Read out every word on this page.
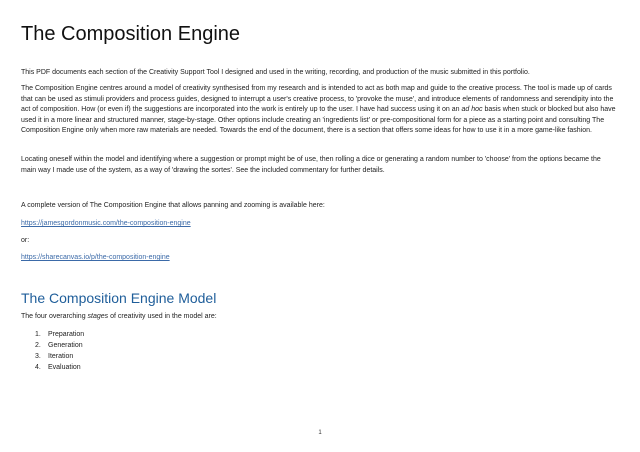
The Composition Engine

This PDF documents each section of the Creativity Support Tool I designed and used in the writing, recording, and production of the music submitted in this portfolio.

The Composition Engine centres around a model of creativity synthesised from my research and is intended to act as both map and guide to the creative process. The tool is made up of cards that can be used as stimuli providers and process guides, designed to interrupt a user's creative process, to 'provoke the muse', and introduce elements of randomness and serendipity into the act of composition. How (or even if) the suggestions are incorporated into the work is entirely up to the user. I have had success using it on an ad hoc basis when stuck or blocked but also have used it in a more linear and structured manner, stage-by-stage. Other options include creating an 'ingredients list' or pre-compositional form for a piece as a starting point and consulting The Composition Engine only when more raw materials are needed. Towards the end of the document, there is a section that offers some ideas for how to use it in a more game-like fashion.

Locating oneself within the model and identifying where a suggestion or prompt might be of use, then rolling a dice or generating a random number to 'choose' from the options became the main way I made use of the system, as a way of 'drawing the sortes'. See the included commentary for further details.

A complete version of The Composition Engine that allows panning and zooming is available here:

https://jamesgordonmusic.com/the-composition-engine
or:
https://sharecanvas.io/p/the-composition-engine
The Composition Engine Model

The four overarching stages of creativity used in the model are:

1.	Preparation
2.	Generation
3.	Iteration
4.	Evaluation
1
